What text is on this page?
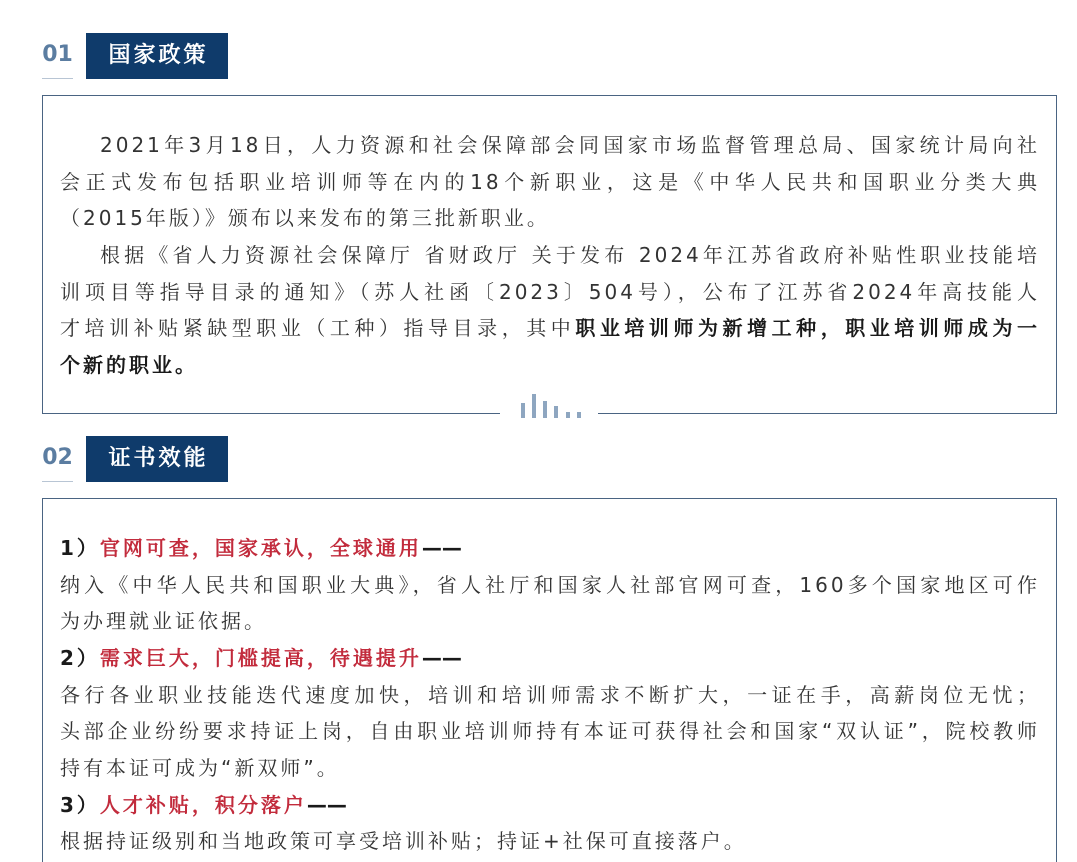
01	国家政策
2021年3月18日，人力资源和社会保障部会同国家市场监督管理总局、国家统计局向社
会正式发布包括职业培训师等在内的18个新职业，这是《中华人民共和国职业分类大典
（2015年版）》颁布以来发布的第三批新职业。
根据《省人力资源社会保障厅 省财政厅 关于发布 2024年江苏省政府补贴性职业技能培
训项目等指导目录的通知》（苏人社函〔2023〕504号），公布了江苏省2024年高技能人
才培训补贴紧缺型职业（工种）指导目录，其中职业培训师为新增工种，职业培训师成为一
个新的职业。
02	证书效能
1）官网可查，国家承认，全球通用——
纳入《中华人民共和国职业大典》，省人社厅和国家人社部官网可查，160多个国家地区可作
为办理就业证依据。
2）需求巨大，门槛提高，待遇提升——
各行各业职业技能迭代速度加快，培训和培训师需求不断扩大，一证在手，高薪岗位无忧；
头部企业纷纷要求持证上岗，自由职业培训师持有本证可获得社会和国家“双认证”，院校教师
持有本证可成为“新双师”。
3）人才补贴，积分落户——
根据持证级别和当地政策可享受培训补贴；持证+社保可直接落户。
